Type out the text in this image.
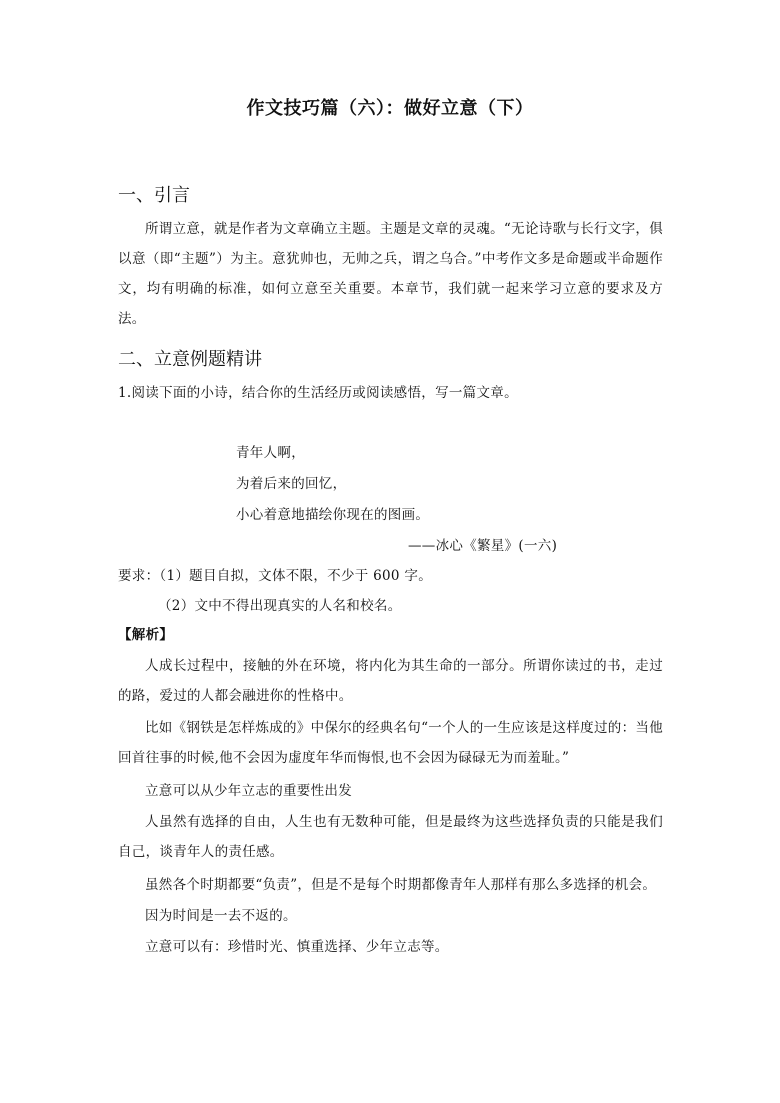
作文技巧篇（六）：做好立意（下）
一、引言
所谓立意，就是作者为文章确立主题。主题是文章的灵魂。“无论诗歌与长行文字，俱以意（即“主题”）为主。意犹帅也，无帅之兵，谓之乌合。”中考作文多是命题或半命题作文，均有明确的标准，如何立意至关重要。本章节，我们就一起来学习立意的要求及方法。
二、立意例题精讲
1.阅读下面的小诗，结合你的生活经历或阅读感悟，写一篇文章。
青年人啊，
为着后来的回忆，
小心着意地描绘你现在的图画。
——冰心《繁星》(一六)
要求：（1）题目自拟，文体不限，不少于 600 字。
（2）文中不得出现真实的人名和校名。
【解析】
人成长过程中，接触的外在环境，将内化为其生命的一部分。所谓你读过的书，走过的路，爱过的人都会融进你的性格中。
比如《钢铁是怎样炼成的》中保尔的经典名句“一个人的一生应该是这样度过的：当他回首往事的时候,他不会因为虚度年华而悔恨,也不会因为碌碌无为而羞耻。”
立意可以从少年立志的重要性出发
人虽然有选择的自由，人生也有无数种可能，但是最终为这些选择负责的只能是我们自己，谈青年人的责任感。
虽然各个时期都要“负责”，但是不是每个时期都像青年人那样有那么多选择的机会。
因为时间是一去不返的。
立意可以有：珍惜时光、慎重选择、少年立志等。
